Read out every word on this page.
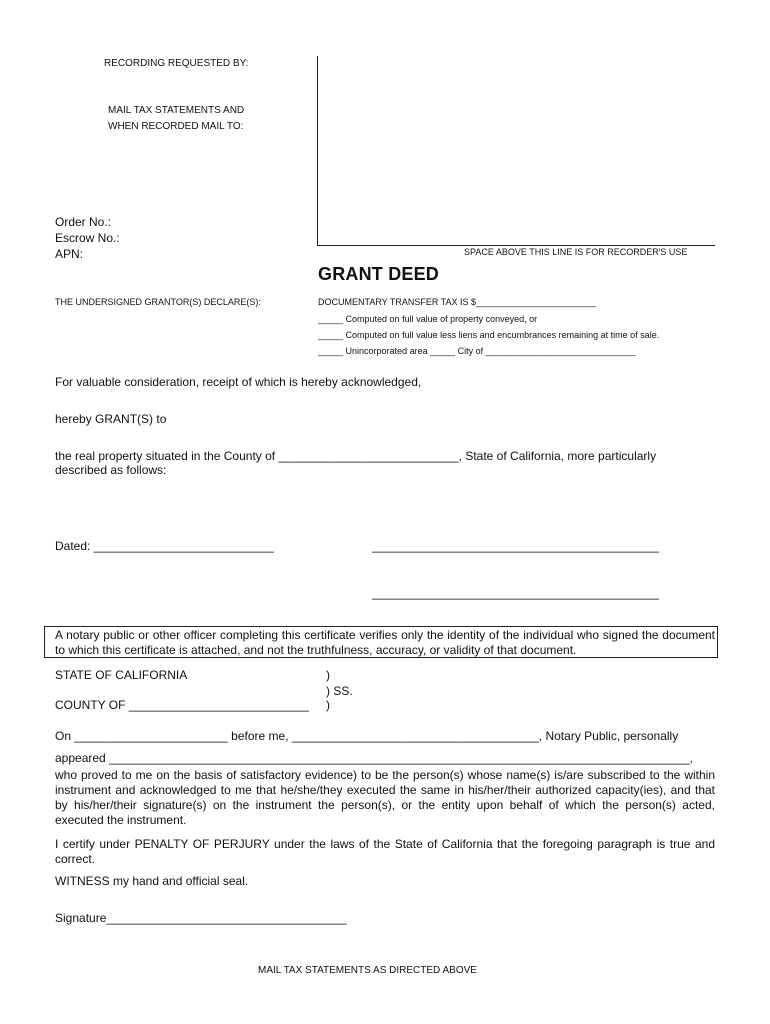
RECORDING REQUESTED BY:
MAIL TAX STATEMENTS AND
WHEN RECORDED MAIL TO:
Order No.:
Escrow No.:
APN:	SPACE ABOVE THIS LINE IS FOR RECORDER'S USE
GRANT DEED
THE UNDERSIGNED GRANTOR(S) DECLARE(S):	DOCUMENTARY TRANSFER TAX IS $________________________
_____ Computed on full value of property conveyed, or
_____ Computed on full value less liens and encumbrances remaining at time of sale.
_____ Unincorporated area _____ City of ______________________________
For valuable consideration, receipt of which is hereby acknowledged,
hereby GRANT(S) to
the real property situated in the County of ___________________________, State of California, more particularly
described as follows:
Dated: ___________________________	___________________________________________
___________________________________________
A notary public or other officer completing this certificate verifies only the identity of the individual who signed the document to which this certificate is attached, and not the truthfulness, accuracy, or validity of that document.
STATE OF CALIFORNIA	)
) SS.
COUNTY OF ___________________________ )
On _______________________ before me, _____________________________________, Notary Public, personally
appeared _______________________________________________________________________________________,
who proved to me on the basis of satisfactory evidence) to be the person(s) whose name(s) is/are subscribed to the within instrument and acknowledged to me that he/she/they executed the same in his/her/their authorized capacity(ies), and that by his/her/their signature(s) on the instrument the person(s), or the entity upon behalf of which the person(s) acted, executed the instrument.
I certify under PENALTY OF PERJURY under the laws of the State of California that the foregoing paragraph is true and correct.
WITNESS my hand and official seal.
Signature____________________________________
MAIL TAX STATEMENTS AS DIRECTED ABOVE
